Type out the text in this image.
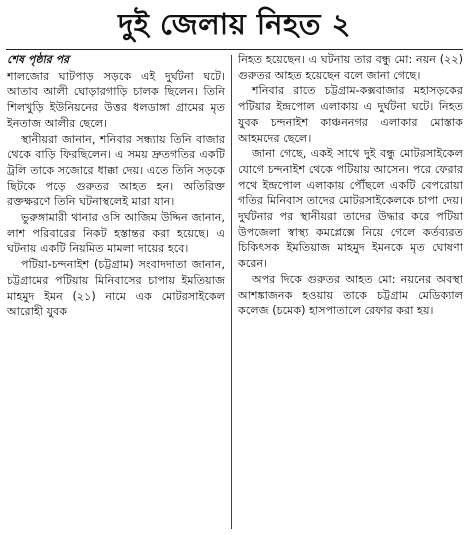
দুই জেলায় নিহত ২
শেষ পৃষ্ঠার পর

শালজোর ঘাটপাড় সড়কে এই দুর্ঘটনা ঘটে। আতাব আলী ঘোড়ারগাড়ি চালক ছিলেন। তিনি শিলখুড়ি ইউনিয়নের উত্তর ধলডাঙ্গা গ্রামের মৃত ইনতাজ আলীর ছেলে।

স্থানীয়রা জানান, শনিবার সন্ধ্যায় তিনি বাজার থেকে বাড়ি ফিরছিলেন। এ সময় দ্রুতগতির একটি ট্রলি তাকে সজোরে ধাক্কা দেয়। এতে তিনি সড়কে ছিটকে পড়ে গুরুতর আহত হন। অতিরিক্ত রক্তক্ষরণে তিনি ঘটনাস্থলেই মারা যান।

ভুরুঙ্গামারী থানার ওসি আজিম উদ্দিন জানান, লাশ পরিবারের নিকট হস্তান্তর করা হয়েছে। এ ঘটনায় একটি নিয়মিত মামলা দায়ের হবে।

পটিয়া-চন্দনাইশ (চট্টগ্রাম) সংবাদদাতা জানান, চট্টগ্রামের পটিয়ায় মিনিবাসের চাপায় ইমতিয়াজ মাহমুদ ইমন (২১) নামে এক মোটরসাইকেল আরোহী যুবক

নিহত হয়েছেন। এ ঘটনায় তার বন্ধু মো: নয়ন (২২) গুরুতর আহত হয়েছেন বলে জানা গেছে।

শনিবার রাতে চট্টগ্রাম-কক্সবাজার মহাসড়কের পটিয়ার ইন্দ্রপোল এলাকায় এ দুর্ঘটনা ঘটে। নিহত যুবক চন্দনাইশ কাঞ্চননগর এলাকার মোস্তাক আহমদের ছেলে।

জানা গেছে, একই সাথে দুই বন্ধু মোটরসাইকেল যোগে চন্দনাইশ থেকে পটিয়ায় আসেন। পরে ফেরার পথে ইন্দ্রপোল এলাকায় পৌঁছলে একটি বেপরোয়া গতির মিনিবাস তাদের মোটরসাইকেলকে চাপা দেয়। দুর্ঘটনার পর স্থানীয়রা তাদের উদ্ধার করে পটিয়া উপজেলা স্বাস্থ্য কমপ্লেক্সে নিয়ে গেলে কর্তব্যরত চিকিৎসক ইমতিয়াজ মাহমুদ ইমনকে মৃত ঘোষণা করেন।

অপর দিকে গুরুতর আহত মো: নয়নের অবস্থা আশঙ্কাজনক হওয়ায় তাকে চট্টগ্রাম মেডিক্যাল কলেজ (চমেক) হাসপাতালে রেফার করা হয়।
